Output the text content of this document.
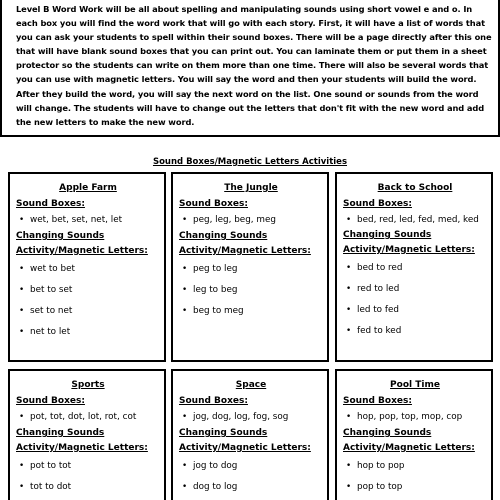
Level B Word Work will be all about spelling and manipulating sounds using short vowel e and o. In each box you will find the word work that will go with each story. First, it will have a list of words that you can ask your students to spell within their sound boxes. There will be a page directly after this one that will have blank sound boxes that you can print out. You can laminate them or put them in a sheet protector so the students can write on them more than one time. There will also be several words that you can use with magnetic letters. You will say the word and then your students will build the word. After they build the word, you will say the next word on the list. One sound or sounds from the word will change. The students will have to change out the letters that don't fit with the new word and add the new letters to make the new word.

Sound Boxes/Magnetic Letters Activities
Apple Farm
Sound Boxes:
• wet, bet, set, net, let
Changing Sounds
Activity/Magnetic Letters:
• wet to bet
• bet to set
• set to net
• net to let
The Jungle
Sound Boxes:
• peg, leg, beg, meg
Changing Sounds
Activity/Magnetic Letters:
• peg to leg
• leg to beg
• beg to meg
Back to School
Sound Boxes:
• bed, red, led, fed, med, ked
Changing Sounds
Activity/Magnetic Letters:
• bed to red
• red to led
• led to fed
• fed to ked
Sports
Sound Boxes:
• pot, tot, dot, lot, rot, cot
Changing Sounds
Activity/Magnetic Letters:
• pot to tot
• tot to dot
Space
Sound Boxes:
• jog, dog, log, fog, sog
Changing Sounds
Activity/Magnetic Letters:
• jog to dog
• dog to log
Pool Time
Sound Boxes:
• hop, pop, top, mop, cop
Changing Sounds
Activity/Magnetic Letters:
• hop to pop
• pop to top
